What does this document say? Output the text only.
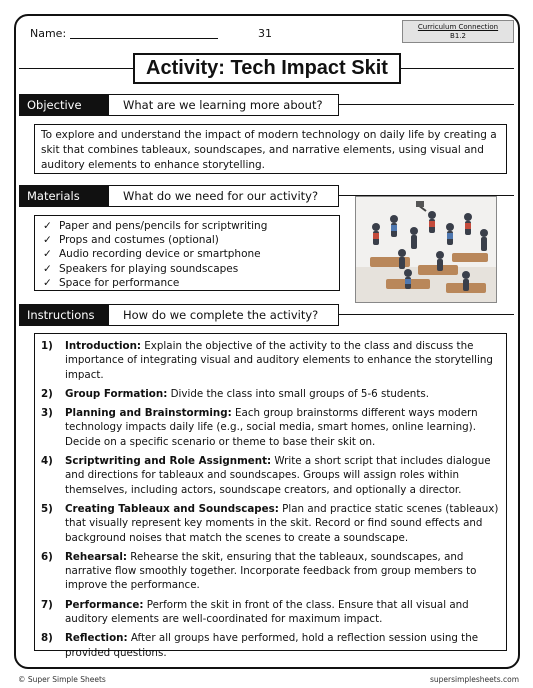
Name:	31	Curriculum Connection
B1.2
Activity: Tech Impact Skit
Objective	What are we learning more about?
To explore and understand the impact of modern technology on daily life by creating a skit that combines tableaux, soundscapes, and narrative elements, using visual and auditory elements to enhance storytelling.
Materials	What do we need for our activity?
✓ Paper and pens/pencils for scriptwriting
✓ Props and costumes (optional)
✓ Audio recording device or smartphone
✓ Speakers for playing soundscapes
✓ Space for performance
Instructions	How do we complete the activity?
1)	Introduction: Explain the objective of the activity to the class and discuss the importance of integrating visual and auditory elements to enhance the storytelling impact.
2)	Group Formation: Divide the class into small groups of 5-6 students.
3)	Planning and Brainstorming: Each group brainstorms different ways modern technology impacts daily life (e.g., social media, smart homes, online learning). Decide on a specific scenario or theme to base their skit on.
4)	Scriptwriting and Role Assignment: Write a short script that includes dialogue and directions for tableaux and soundscapes. Groups will assign roles within themselves, including actors, soundscape creators, and optionally a director.
5)	Creating Tableaux and Soundscapes: Plan and practice static scenes (tableaux) that visually represent key moments in the skit. Record or find sound effects and background noises that match the scenes to create a soundscape.
6)	Rehearsal: Rehearse the skit, ensuring that the tableaux, soundscapes, and narrative flow smoothly together. Incorporate feedback from group members to improve the performance.
7)	Performance: Perform the skit in front of the class. Ensure that all visual and auditory elements are well-coordinated for maximum impact.
8)	Reflection: After all groups have performed, hold a reflection session using the provided questions.
© Super Simple Sheets	supersimplesheets.com
